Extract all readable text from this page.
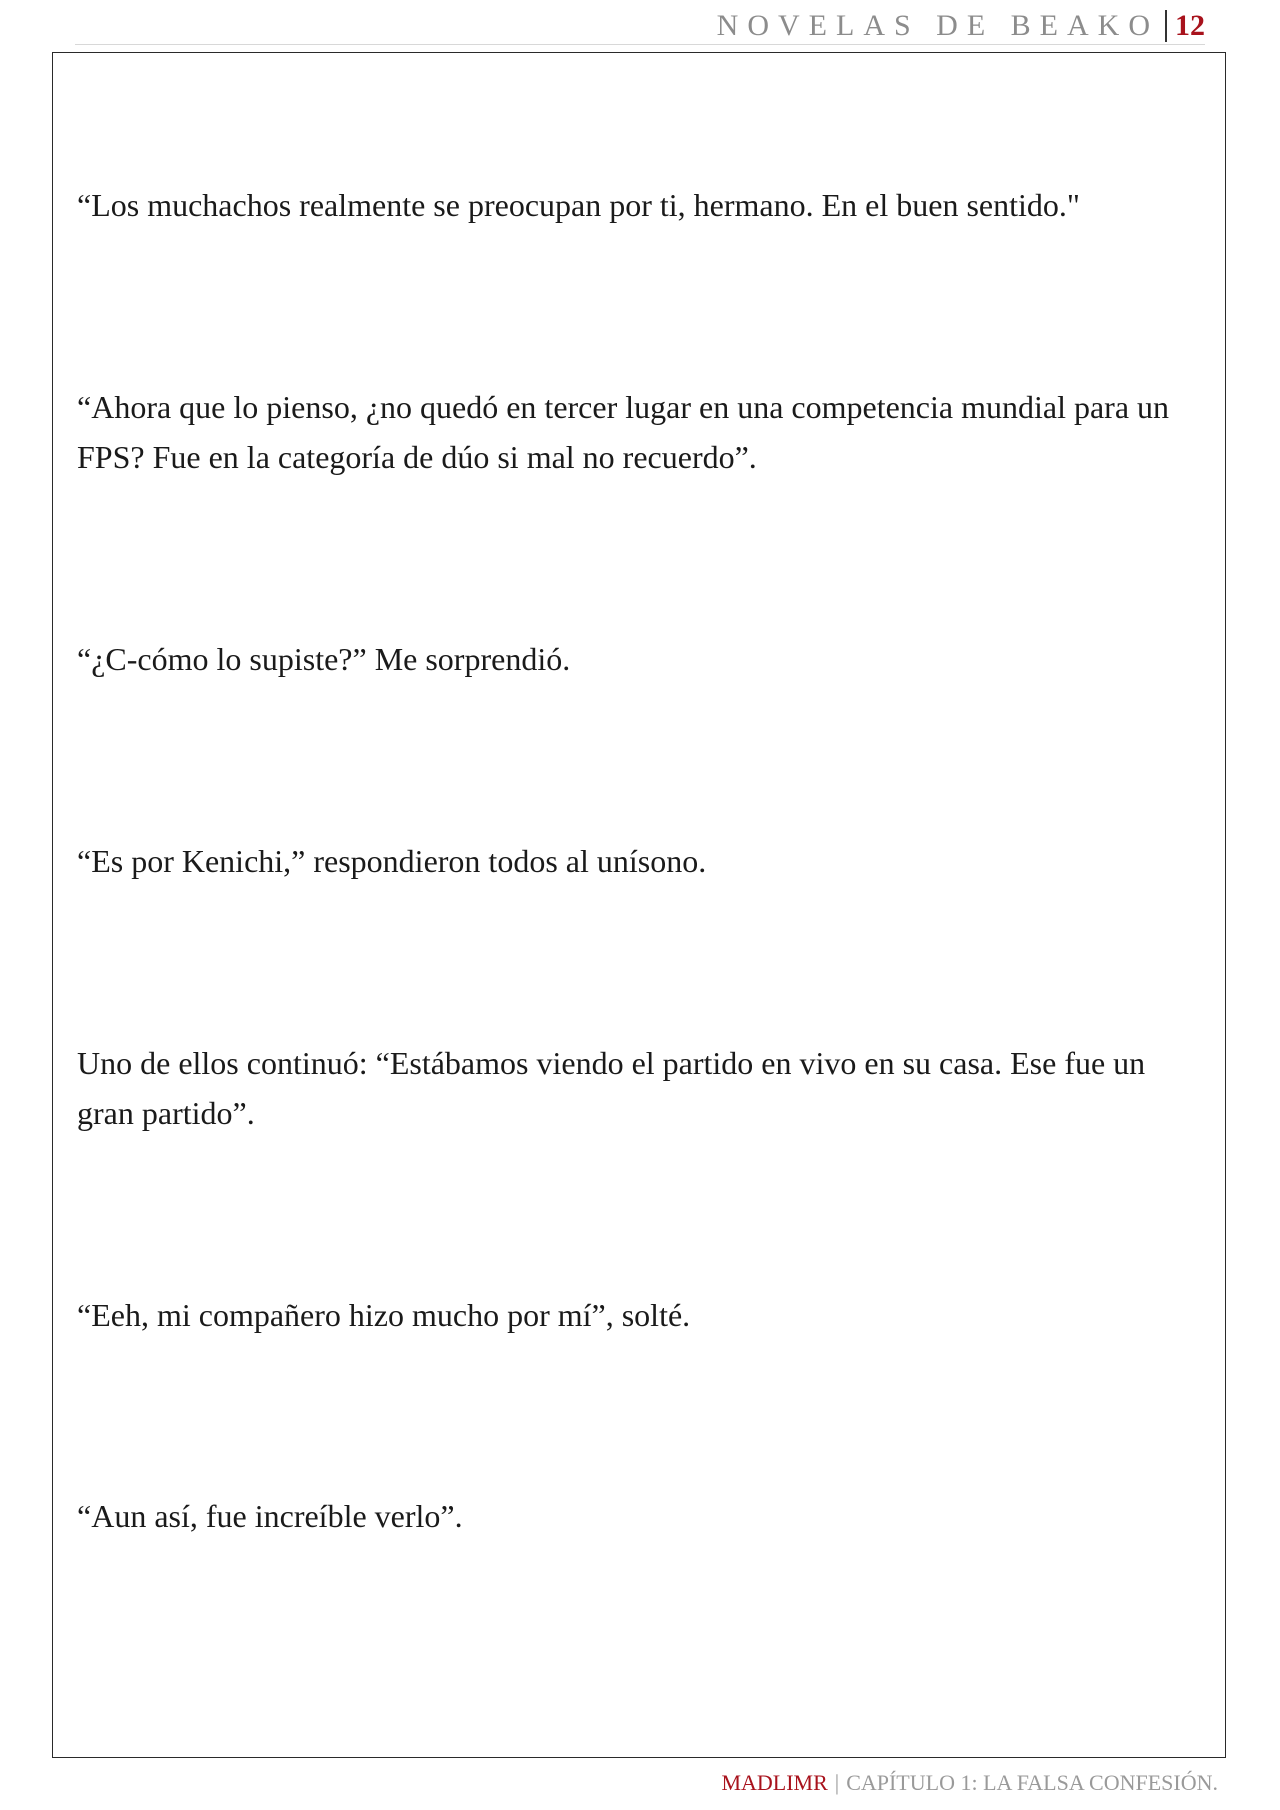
NOVELAS DE BEAKO 12

“Los muchachos realmente se preocupan por ti, hermano. En el buen sentido."

“Ahora que lo pienso, ¿no quedó en tercer lugar en una competencia mundial para un FPS? Fue en la categoría de dúo si mal no recuerdo”.

“¿C-cómo lo supiste?” Me sorprendió.

“Es por Kenichi,” respondieron todos al unísono.

Uno de ellos continuó: “Estábamos viendo el partido en vivo en su casa. Ese fue un gran partido”.

“Eeh, mi compañero hizo mucho por mí”, solté.

“Aun así, fue increíble verlo”.

MADLIMR | CAPÍTULO 1: LA FALSA CONFESIÓN.
